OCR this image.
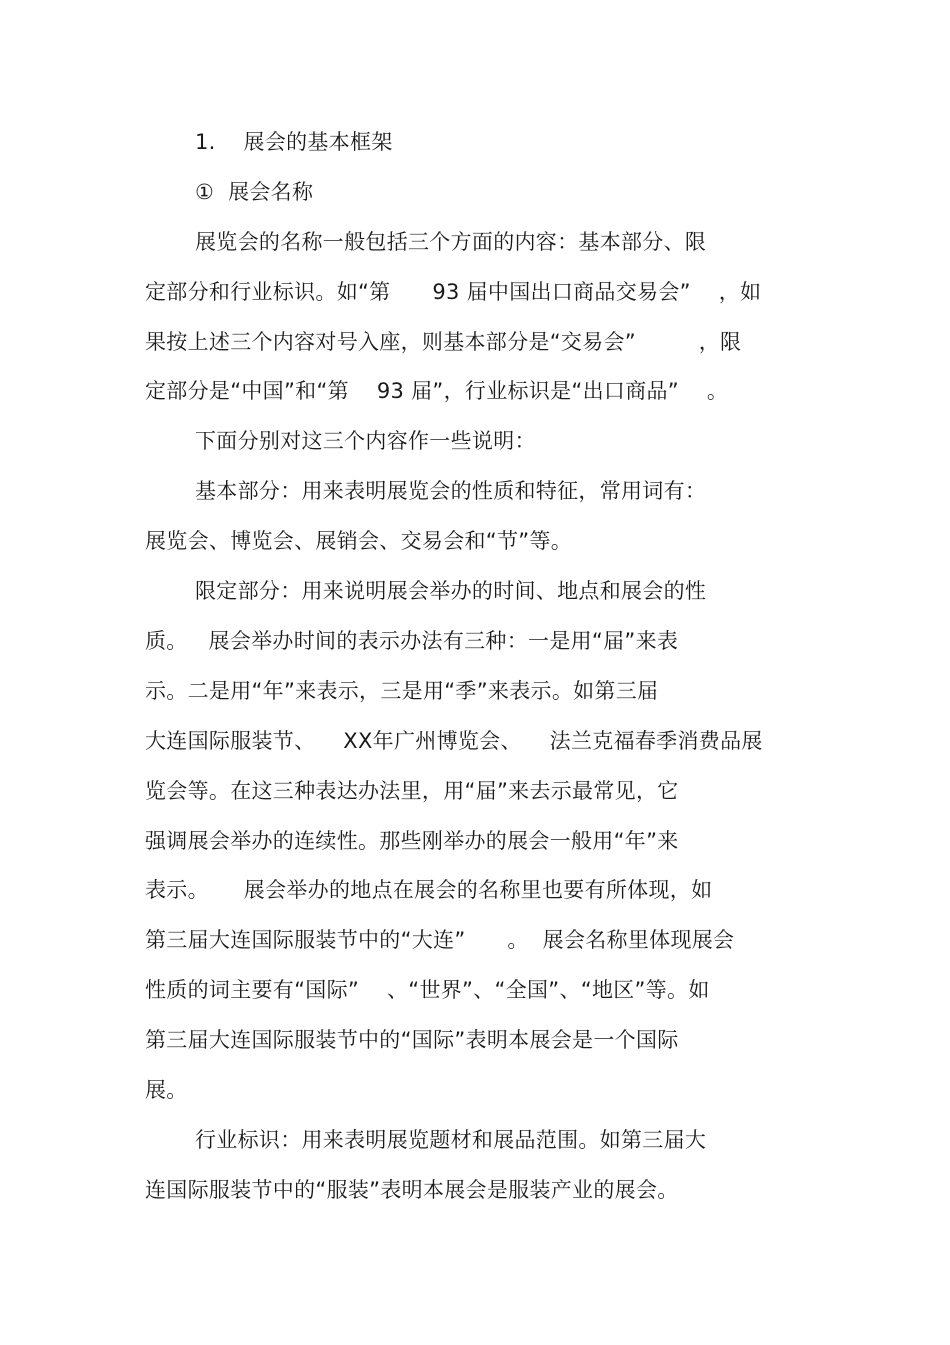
1.    展会的基本框架
①  展会名称
展览会的名称一般包括三个方面的内容：基本部分、限
定部分和行业标识。如“第      93 届中国出口商品交易会”    ，如
果按上述三个内容对号入座，则基本部分是“交易会”         ，限
定部分是“中国”和“第    93 届”，行业标识是“出口商品”    。
下面分别对这三个内容作一些说明：
基本部分：用来表明展览会的性质和特征，常用词有：
展览会、博览会、展销会、交易会和“节”等。
限定部分：用来说明展会举办的时间、地点和展会的性
质。   展会举办时间的表示办法有三种：一是用“届”来表
示。二是用“年”来表示，三是用“季”来表示。如第三届
大连国际服装节、    XX年广州博览会、    法兰克福春季消费品展
览会等。在这三种表达办法里，用“届”来去示最常见，它
强调展会举办的连续性。那些刚举办的展会一般用“年”来
表示。     展会举办的地点在展会的名称里也要有所体现，如
第三届大连国际服装节中的“大连”      。  展会名称里体现展会
性质的词主要有“国际”    、“世界”、“全国”、“地区”等。如
第三届大连国际服装节中的“国际”表明本展会是一个国际
展。
行业标识：用来表明展览题材和展品范围。如第三届大
连国际服装节中的“服装”表明本展会是服装产业的展会。
